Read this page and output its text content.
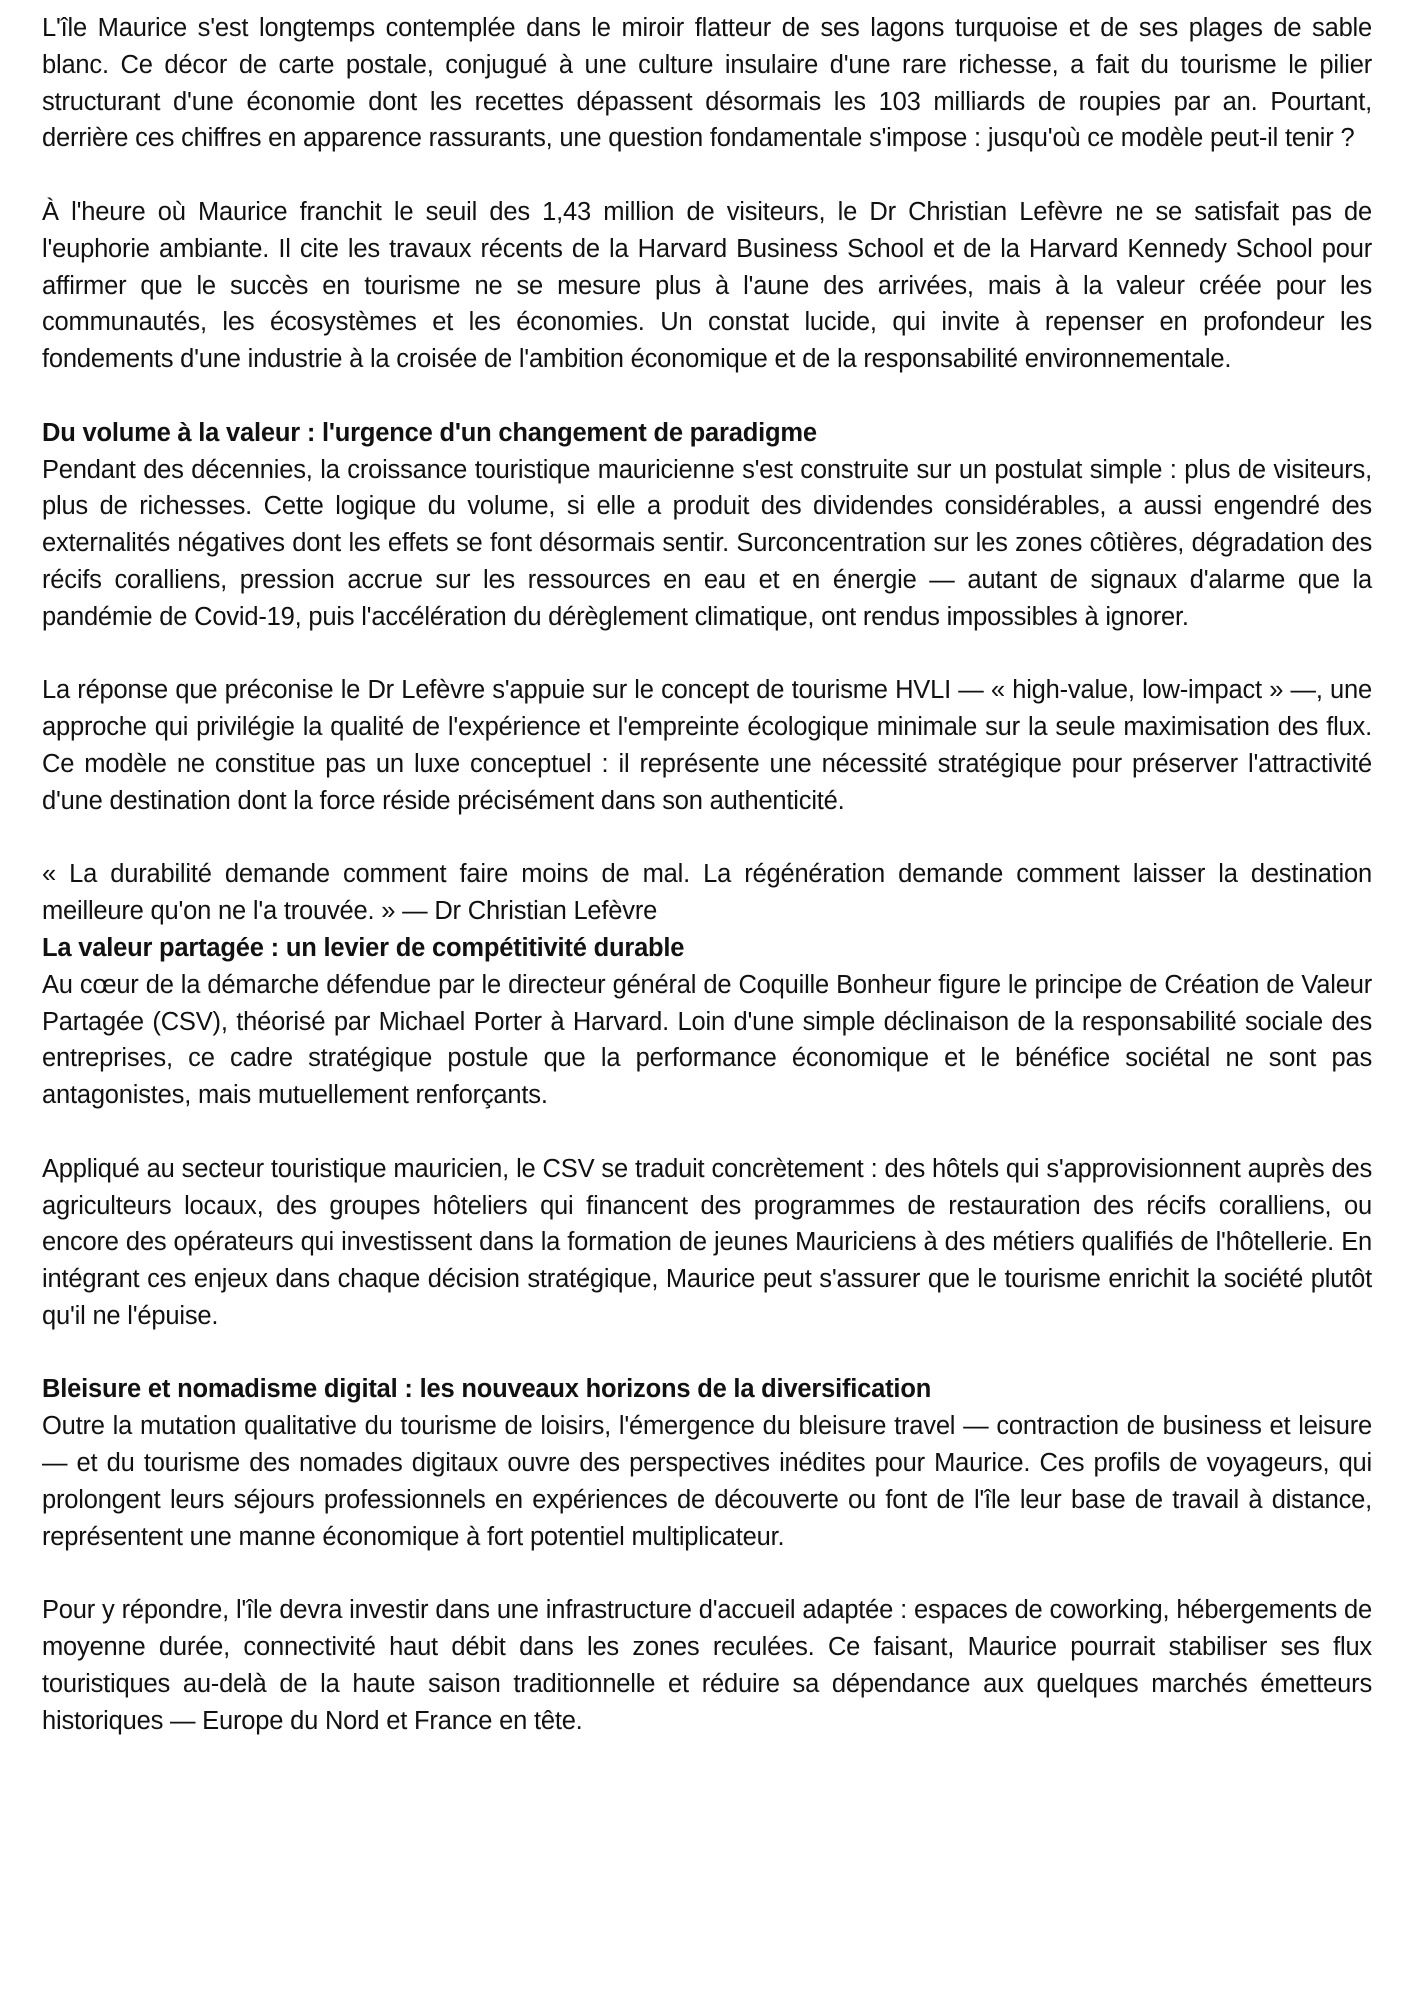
L'île Maurice s'est longtemps contemplée dans le miroir flatteur de ses lagons turquoise et de ses plages de sable blanc. Ce décor de carte postale, conjugué à une culture insulaire d'une rare richesse, a fait du tourisme le pilier structurant d'une économie dont les recettes dépassent désormais les 103 milliards de roupies par an. Pourtant, derrière ces chiffres en apparence rassurants, une question fondamentale s'impose : jusqu'où ce modèle peut-il tenir ?

À l'heure où Maurice franchit le seuil des 1,43 million de visiteurs, le Dr Christian Lefèvre ne se satisfait pas de l'euphorie ambiante. Il cite les travaux récents de la Harvard Business School et de la Harvard Kennedy School pour affirmer que le succès en tourisme ne se mesure plus à l'aune des arrivées, mais à la valeur créée pour les communautés, les écosystèmes et les économies. Un constat lucide, qui invite à repenser en profondeur les fondements d'une industrie à la croisée de l'ambition économique et de la responsabilité environnementale.

Du volume à la valeur : l'urgence d'un changement de paradigme

Pendant des décennies, la croissance touristique mauricienne s'est construite sur un postulat simple : plus de visiteurs, plus de richesses. Cette logique du volume, si elle a produit des dividendes considérables, a aussi engendré des externalités négatives dont les effets se font désormais sentir. Surconcentration sur les zones côtières, dégradation des récifs coralliens, pression accrue sur les ressources en eau et en énergie — autant de signaux d'alarme que la pandémie de Covid-19, puis l'accélération du dérèglement climatique, ont rendus impossibles à ignorer.

La réponse que préconise le Dr Lefèvre s'appuie sur le concept de tourisme HVLI — « high-value, low-impact » —, une approche qui privilégie la qualité de l'expérience et l'empreinte écologique minimale sur la seule maximisation des flux. Ce modèle ne constitue pas un luxe conceptuel : il représente une nécessité stratégique pour préserver l'attractivité d'une destination dont la force réside précisément dans son authenticité.

« La durabilité demande comment faire moins de mal. La régénération demande comment laisser la destination meilleure qu'on ne l'a trouvée. » — Dr Christian Lefèvre

La valeur partagée : un levier de compétitivité durable

Au cœur de la démarche défendue par le directeur général de Coquille Bonheur figure le principe de Création de Valeur Partagée (CSV), théorisé par Michael Porter à Harvard. Loin d'une simple déclinaison de la responsabilité sociale des entreprises, ce cadre stratégique postule que la performance économique et le bénéfice sociétal ne sont pas antagonistes, mais mutuellement renforçants.

Appliqué au secteur touristique mauricien, le CSV se traduit concrètement : des hôtels qui s'approvisionnent auprès des agriculteurs locaux, des groupes hôteliers qui financent des programmes de restauration des récifs coralliens, ou encore des opérateurs qui investissent dans la formation de jeunes Mauriciens à des métiers qualifiés de l'hôtellerie. En intégrant ces enjeux dans chaque décision stratégique, Maurice peut s'assurer que le tourisme enrichit la société plutôt qu'il ne l'épuise.

Bleisure et nomadisme digital : les nouveaux horizons de la diversification

Outre la mutation qualitative du tourisme de loisirs, l'émergence du bleisure travel — contraction de business et leisure — et du tourisme des nomades digitaux ouvre des perspectives inédites pour Maurice. Ces profils de voyageurs, qui prolongent leurs séjours professionnels en expériences de découverte ou font de l'île leur base de travail à distance, représentent une manne économique à fort potentiel multiplicateur.

Pour y répondre, l'île devra investir dans une infrastructure d'accueil adaptée : espaces de coworking, hébergements de moyenne durée, connectivité haut débit dans les zones reculées. Ce faisant, Maurice pourrait stabiliser ses flux touristiques au-delà de la haute saison traditionnelle et réduire sa dépendance aux quelques marchés émetteurs historiques — Europe du Nord et France en tête.
